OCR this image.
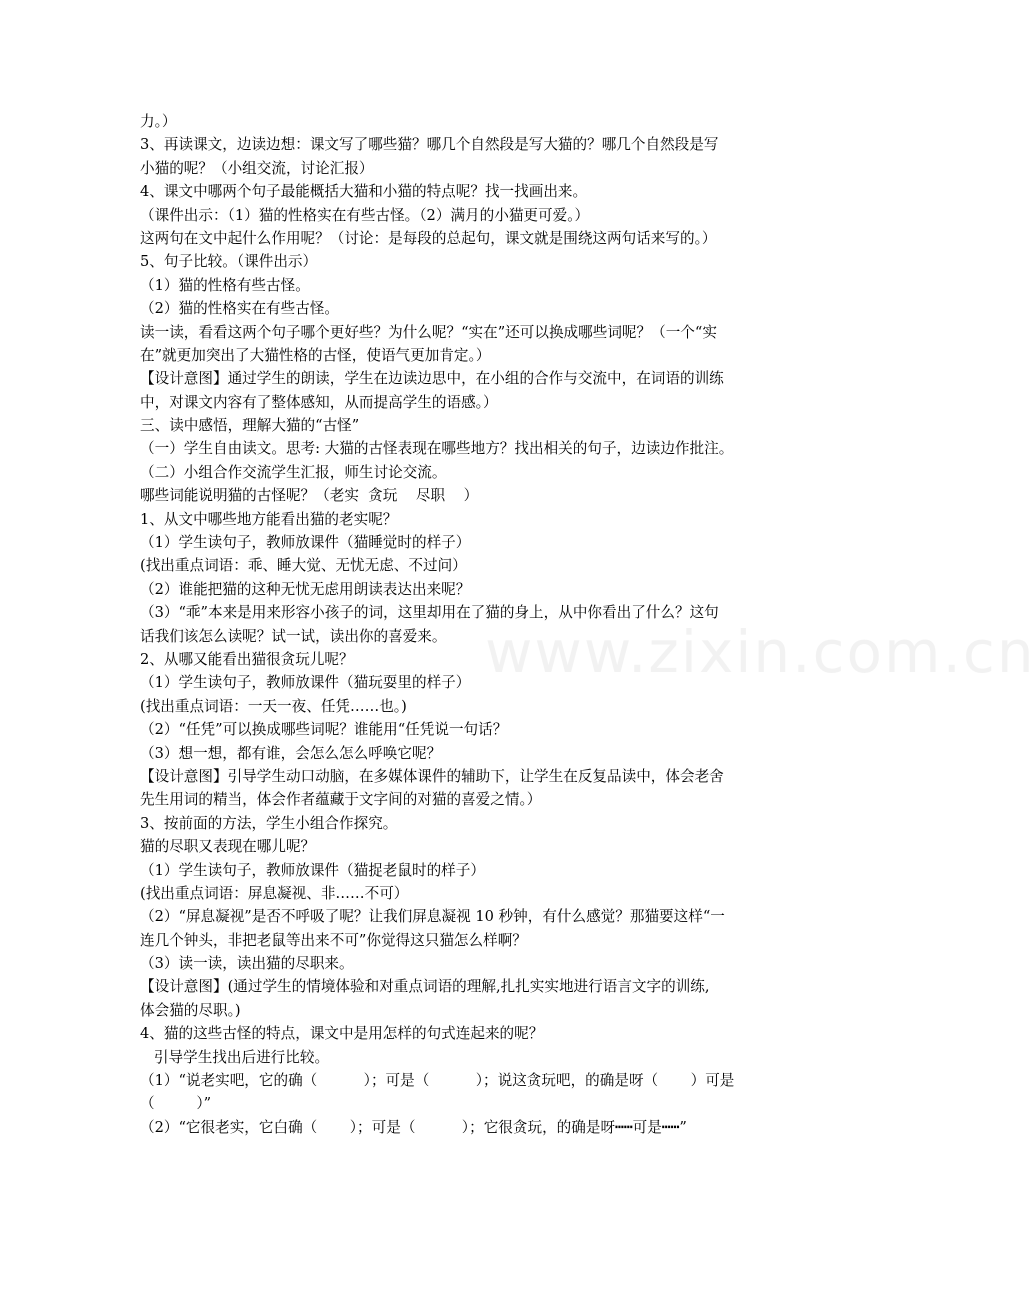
力。）
3、再读课文，边读边想：课文写了哪些猫？哪几个自然段是写大猫的？哪几个自然段是写
小猫的呢？（小组交流，讨论汇报）
4、课文中哪两个句子最能概括大猫和小猫的特点呢？找一找画出来。
（课件出示：（1）猫的性格实在有些古怪。（2）满月的小猫更可爱。）
这两句在文中起什么作用呢？（讨论：是每段的总起句，课文就是围绕这两句话来写的。）
5、句子比较。（课件出示）
（1）猫的性格有些古怪。
（2）猫的性格实在有些古怪。
读一读，看看这两个句子哪个更好些？为什么呢？“实在”还可以换成哪些词呢？（一个“实
在”就更加突出了大猫性格的古怪，使语气更加肯定。）
【设计意图】通过学生的朗读，学生在边读边思中，在小组的合作与交流中，在词语的训练
中，对课文内容有了整体感知，从而提高学生的语感。）
三、读中感悟，理解大猫的“古怪”
（一）学生自由读文。思考: 大猫的古怪表现在哪些地方？找出相关的句子，边读边作批注。
（二）小组合作交流学生汇报，师生讨论交流。
哪些词能说明猫的古怪呢？（老实  贪玩    尽职    ）
1、从文中哪些地方能看出猫的老实呢？
（1）学生读句子，教师放课件（猫睡觉时的样子）
(找出重点词语：乖、睡大觉、无忧无虑、不过问）
（2）谁能把猫的这种无忧无虑用朗读表达出来呢？
（3）“乖”本来是用来形容小孩子的词，这里却用在了猫的身上，从中你看出了什么？这句
话我们该怎么读呢？试一试，读出你的喜爱来。
2、从哪又能看出猫很贪玩儿呢？
（1）学生读句子，教师放课件（猫玩耍里的样子）
(找出重点词语：一天一夜、任凭……也。)
（2）“任凭”可以换成哪些词呢？谁能用“任凭说一句话？
（3）想一想，都有谁，会怎么怎么呼唤它呢？
【设计意图】引导学生动口动脑，在多媒体课件的辅助下，让学生在反复品读中，体会老舍
先生用词的精当，体会作者蕴藏于文字间的对猫的喜爱之情。）
3、按前面的方法，学生小组合作探究。
猫的尽职又表现在哪儿呢？
（1）学生读句子，教师放课件（猫捉老鼠时的样子）
(找出重点词语：屏息凝视、非……不可）
（2）“屏息凝视”是否不呼吸了呢？让我们屏息凝视 10 秒钟，有什么感觉？那猫要这样“一
连几个钟头，非把老鼠等出来不可”你觉得这只猫怎么样啊？
（3）读一读，读出猫的尽职来。
【设计意图】(通过学生的情境体验和对重点词语的理解,扎扎实实地进行语言文字的训练,
体会猫的尽职。)
4、猫的这些古怪的特点，课文中是用怎样的句式连起来的呢？
引导学生找出后进行比较。
（1）“说老实吧，它的确（          ）；可是（          ）；说这贪玩吧，的确是呀（       ）可是
（         ）”
（2）“它很老实，它白确（       ）；可是（          ）；它很贪玩，的确是呀┅┅可是┅┅”
www.zixin.com.cn
